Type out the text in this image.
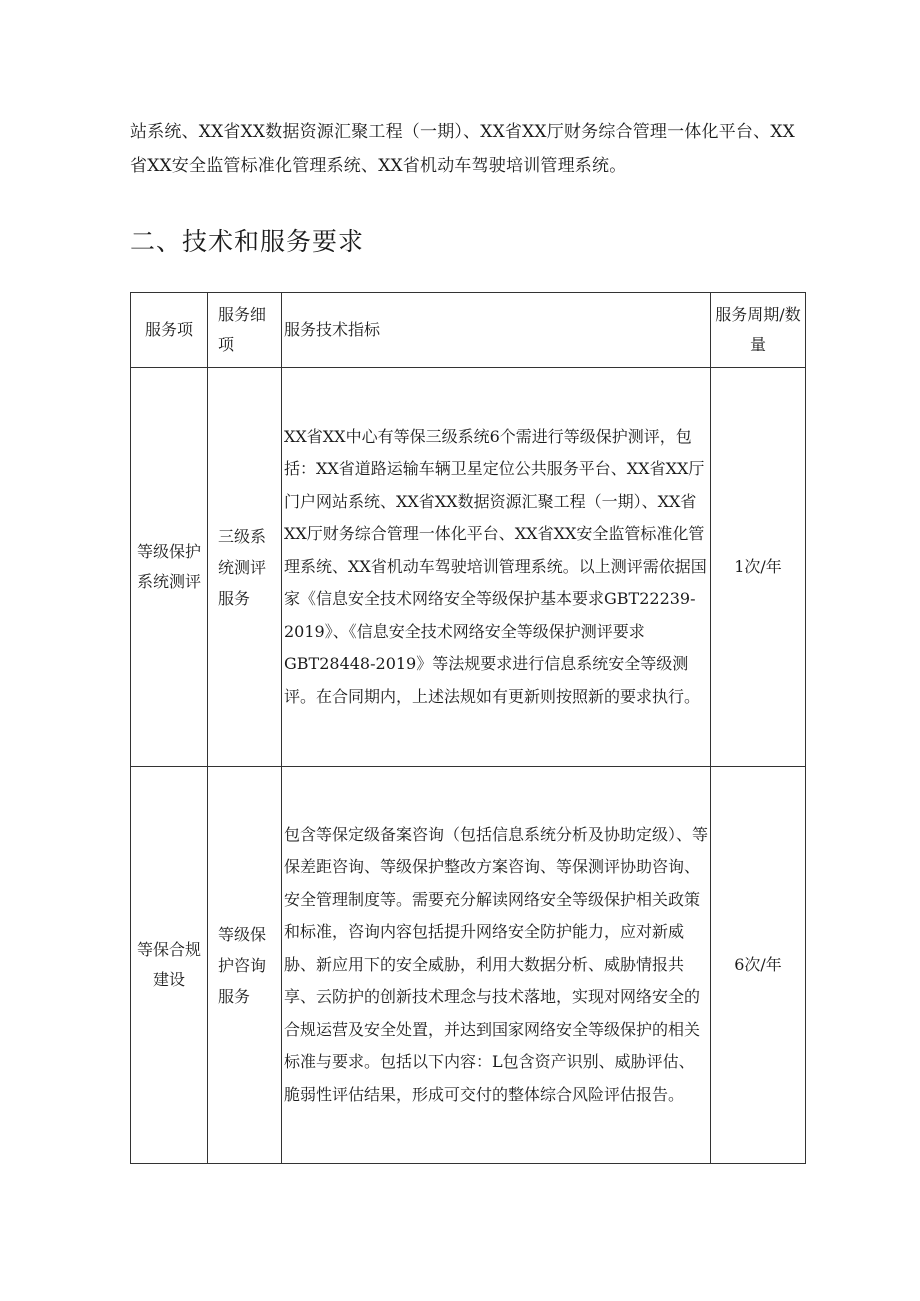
站系统、XX省XX数据资源汇聚工程（一期）、XX省XX厅财务综合管理一体化平台、XX省XX安全监管标准化管理系统、XX省机动车驾驶培训管理系统。

二、技术和服务要求
服务项	服务细项	服务技术指标	服务周期/数量
等级保护系统测评	三级系统测评服务	XX省XX中心有等保三级系统6个需进行等级保护测评，包括：XX省道路运输车辆卫星定位公共服务平台、XX省XX厅门户网站系统、XX省XX数据资源汇聚工程（一期）、XX省XX厅财务综合管理一体化平台、XX省XX安全监管标准化管理系统、XX省机动车驾驶培训管理系统。以上测评需依据国家《信息安全技术网络安全等级保护基本要求GBT22239-2019》、《信息安全技术网络安全等级保护测评要求GBT28448-2019》等法规要求进行信息系统安全等级测评。在合同期内，上述法规如有更新则按照新的要求执行。	1次/年
等保合规建设	等级保护咨询服务	包含等保定级备案咨询（包括信息系统分析及协助定级）、等保差距咨询、等级保护整改方案咨询、等保测评协助咨询、安全管理制度等。需要充分解读网络安全等级保护相关政策和标准，咨询内容包括提升网络安全防护能力，应对新威胁、新应用下的安全威胁，利用大数据分析、威胁情报共享、云防护的创新技术理念与技术落地，实现对网络安全的合规运营及安全处置，并达到国家网络安全等级保护的相关标准与要求。包括以下内容：L包含资产识别、威胁评估、脆弱性评估结果，形成可交付的整体综合风险评估报告。	6次/年
